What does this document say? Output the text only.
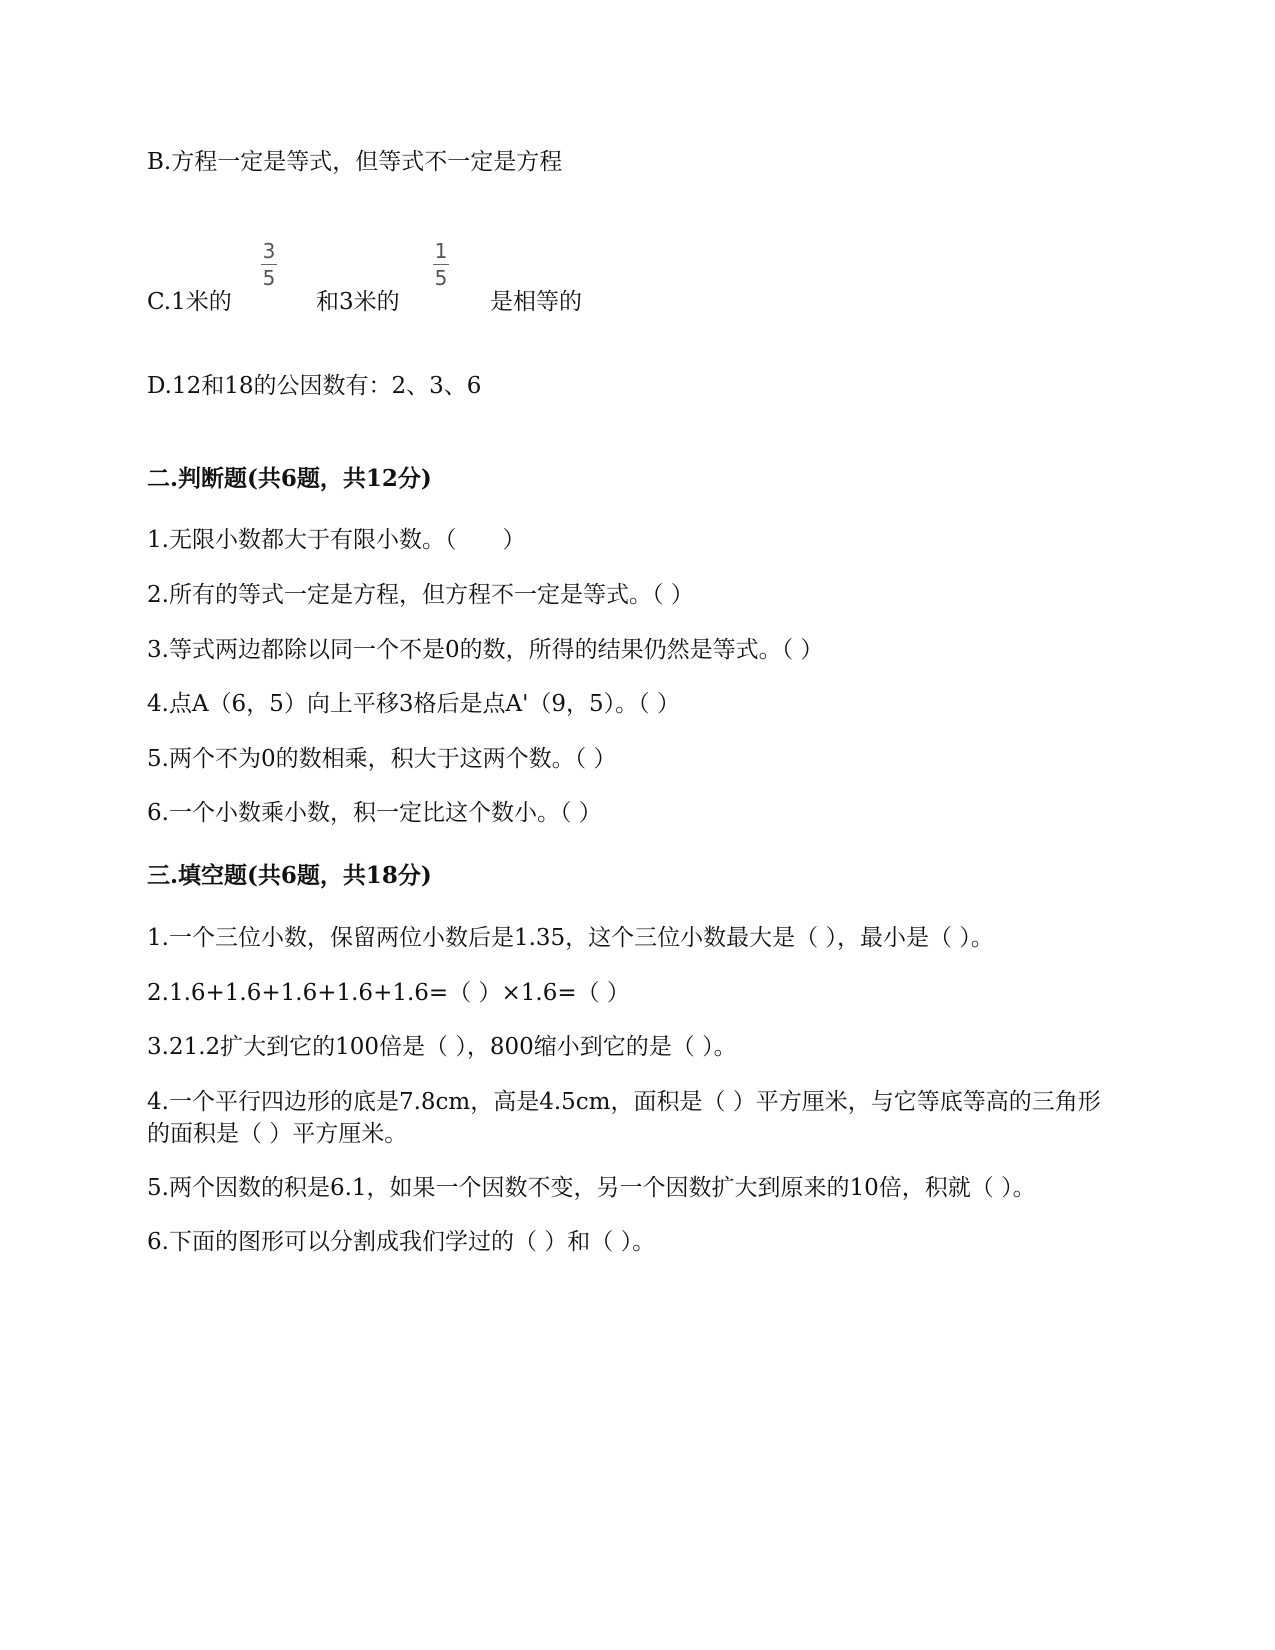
B.方程一定是等式，但等式不一定是方程
C.1米的
3
5
和3米的
1
5
是相等的
D.12和18的公因数有：2、3、6
二.判断题(共6题，共12分)
1.无限小数都大于有限小数。（　　）
2.所有的等式一定是方程，但方程不一定是等式。（ ）
3.等式两边都除以同一个不是0的数，所得的结果仍然是等式。（ ）
4.点A（6，5）向上平移3格后是点A'（9，5）。（ ）
5.两个不为0的数相乘，积大于这两个数。（ ）
6.一个小数乘小数，积一定比这个数小。（ ）
三.填空题(共6题，共18分)
1.一个三位小数，保留两位小数后是1.35，这个三位小数最大是（ ），最小是（ ）。
2.1.6+1.6+1.6+1.6+1.6=（ ）×1.6=（ ）
3.21.2扩大到它的100倍是（ ），800缩小到它的是（ ）。
4.一个平行四边形的底是7.8cm，高是4.5cm，面积是（ ）平方厘米，与它等底等高的三角形的面积是（ ）平方厘米。
5.两个因数的积是6.1，如果一个因数不变，另一个因数扩大到原来的10倍，积就（ ）。
6.下面的图形可以分割成我们学过的（ ）和（ ）。
